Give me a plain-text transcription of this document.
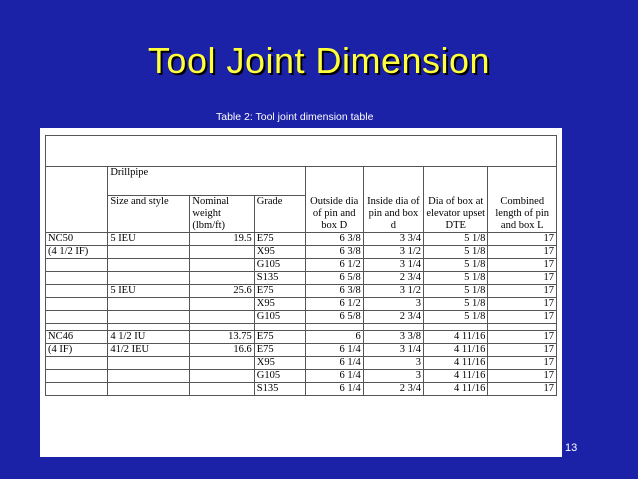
Tool Joint Dimension

	Drillpipe			Outside dia of pin and box D	Inside dia of pin and box d	Dia of box at elevator upset DTE	Combined length of pin and box L
	Size and style	Nominal weight (lbm/ft)	Grade				
NC50	5 IEU	19.5	E75	6 3/8	3 3/4	5 1/8	17
(4 1/2 IF)			X95	6 3/8	3 1/2	5 1/8	17
			G105	6 1/2	3 1/4	5 1/8	17
			S135	6 5/8	2 3/4	5 1/8	17
	5 IEU	25.6	E75	6 3/8	3 1/2	5 1/8	17
			X95	6 1/2	3	5 1/8	17
			G105	6 5/8	2 3/4	5 1/8	17

NC46	4 1/2 IU	13.75	E75	6	3 3/8	4 11/16	17
(4 IF)	41/2 IEU	16.6	E75	6 1/4	3 1/4	4 11/16	17
			X95	6 1/4	3	4 11/16	17
			G105	6 1/4	3	4 11/16	17
			S135	6 1/4	2 3/4	4 11/16	17
Table 2: Tool joint dimension table
13
